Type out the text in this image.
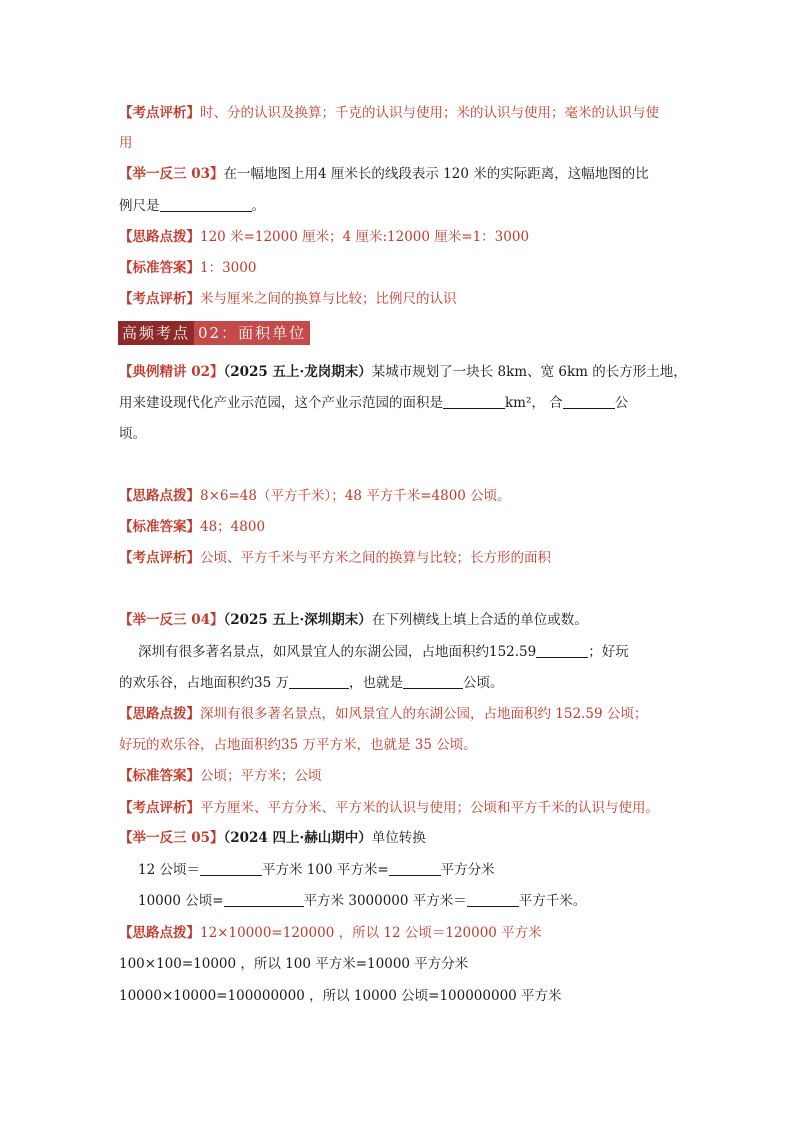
【考点评析】时、分的认识及换算；千克的认识与使用；米的认识与使用；毫米的认识与使
用
【举一反三 03】在一幅地图上用4 厘米长的线段表示 120 米的实际距离，这幅地图的比
例尺是	。
【思路点拨】120 米=12000 厘米；4 厘米:12000 厘米=1：3000
【标准答案】1：3000
【考点评析】米与厘米之间的换算与比较；比例尺的认识
高频考点 02：面积单位
【典例精讲 02】（2025 五上·龙岗期末）某城市规划了一块长 8km、宽 6km 的长方形土地，
用来建设现代化产业示范园，这个产业示范园的面积是	km²， 合	公
顷。
【思路点拨】8×6=48（平方千米）；48 平方千米=4800 公顷。
【标准答案】48；4800
【考点评析】公顷、平方千米与平方米之间的换算与比较；长方形的面积
【举一反三 04】（2025 五上·深圳期末）在下列横线上填上合适的单位或数。
深圳有很多著名景点，如风景宜人的东湖公园，占地面积约152.59	；好玩
的欢乐谷，占地面积约35 万	，也就是	公顷。
【思路点拨】深圳有很多著名景点，如风景宜人的东湖公园，占地面积约 152.59 公顷；
好玩的欢乐谷，占地面积约35 万平方米，也就是 35 公顷。
【标准答案】公顷；平方米；公顷
【考点评析】平方厘米、平方分米、平方米的认识与使用；公顷和平方千米的认识与使用。
【举一反三 05】（2024 四上·赫山期中）单位转换
12 公顷＝	平方米 100 平方米=	平方分米
10000 公顷=	平方米 3000000 平方米＝	平方千米。
【思路点拨】12×10000=120000 ，所以 12 公顷＝120000 平方米
100×100=10000 ，所以 100 平方米=10000 平方分米
10000×10000=100000000 ，所以 10000 公顷=100000000 平方米
